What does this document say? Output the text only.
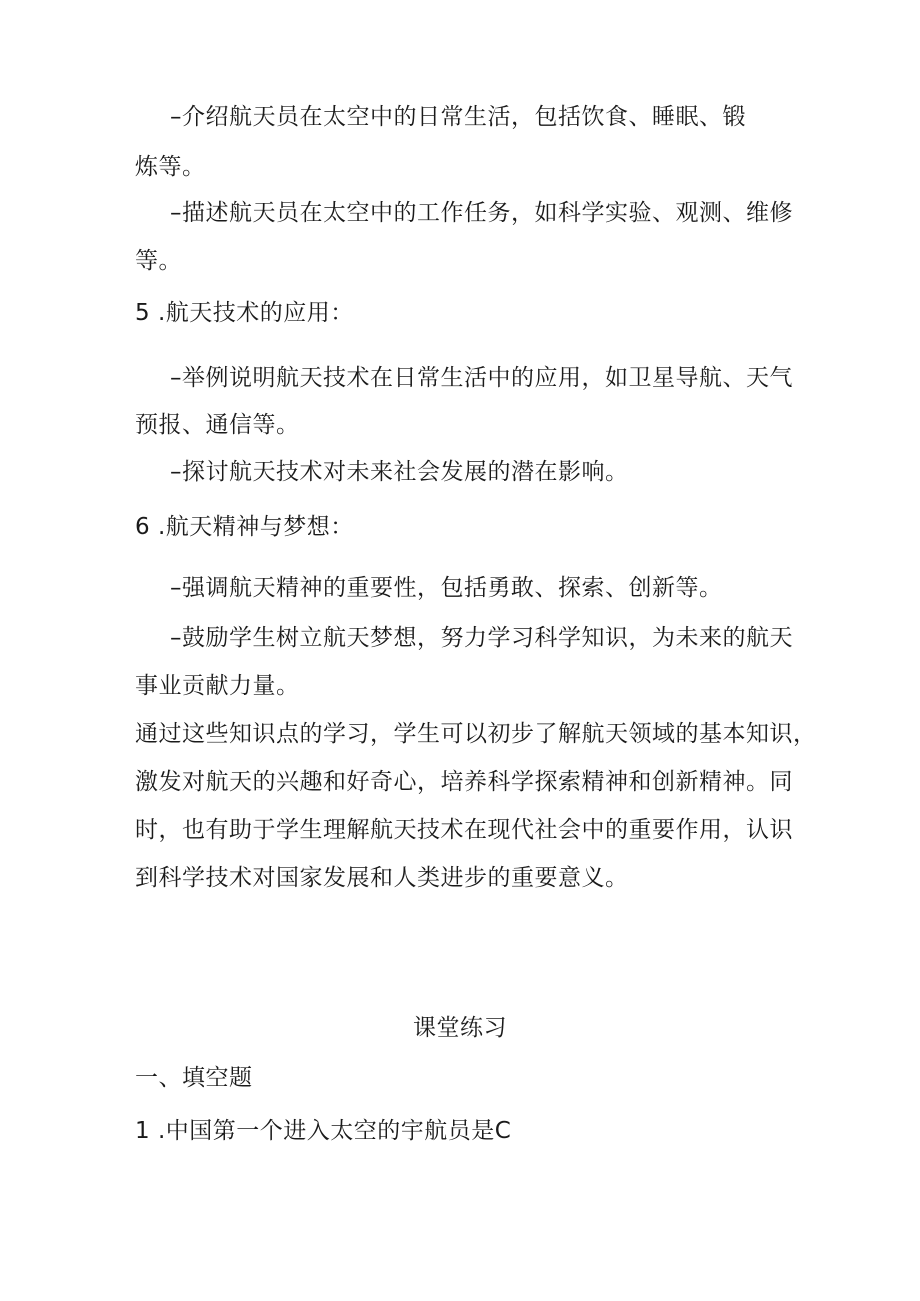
–介绍航天员在太空中的日常生活，包括饮食、睡眠、锻
炼等。
–描述航天员在太空中的工作任务，如科学实验、观测、维修
等。
5 .航天技术的应用：
–举例说明航天技术在日常生活中的应用，如卫星导航、天气
预报、通信等。
–探讨航天技术对未来社会发展的潜在影响。
6 .航天精神与梦想：
–强调航天精神的重要性，包括勇敢、探索、创新等。
–鼓励学生树立航天梦想，努力学习科学知识，为未来的航天
事业贡献力量。
通过这些知识点的学习，学生可以初步了解航天领域的基本知识，
激发对航天的兴趣和好奇心，培养科学探索精神和创新精神。同
时，也有助于学生理解航天技术在现代社会中的重要作用，认识
到科学技术对国家发展和人类进步的重要意义。
课堂练习
一、填空题
1 .中国第一个进入太空的宇航员是C
